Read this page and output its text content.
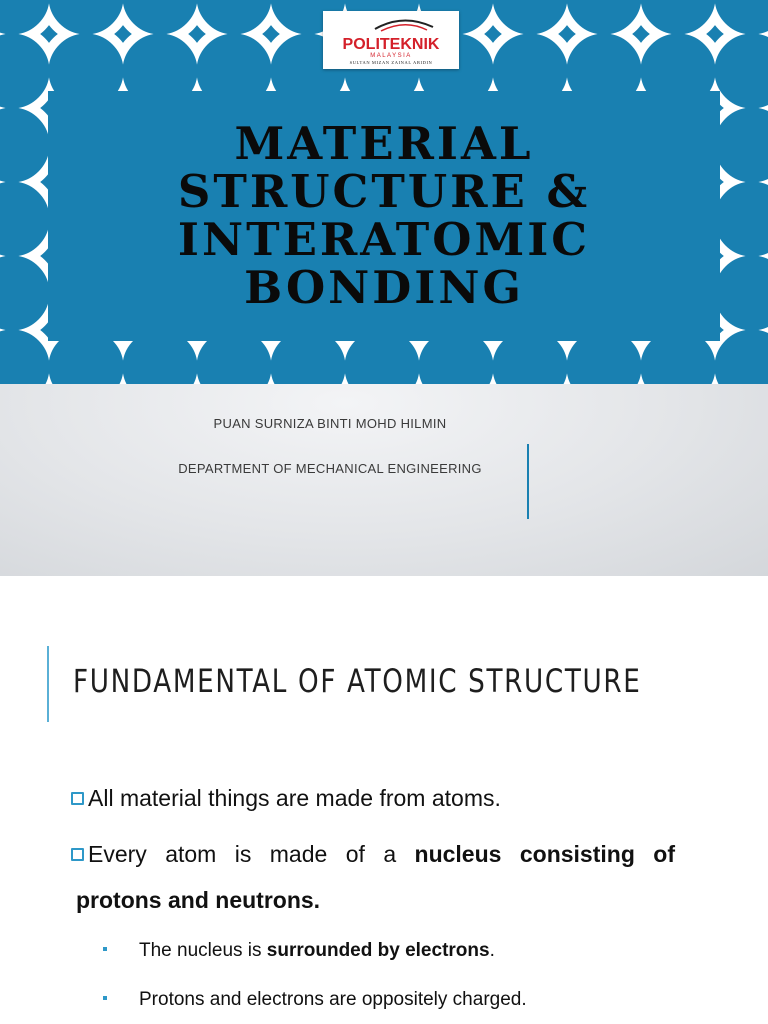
POLITEKNIK
MALAYSIA
SULTAN MIZAN ZAINAL ABIDIN
MATERIAL STRUCTURE & INTERATOMIC BONDING
PUAN SURNIZA BINTI MOHD HILMIN
DEPARTMENT OF MECHANICAL ENGINEERING
FUNDAMENTAL OF ATOMIC STRUCTURE
All material things are made from atoms.
Every atom is made of a nucleus consisting of
protons and neutrons.
The nucleus is surrounded by electrons.
Protons and electrons are oppositely charged.
